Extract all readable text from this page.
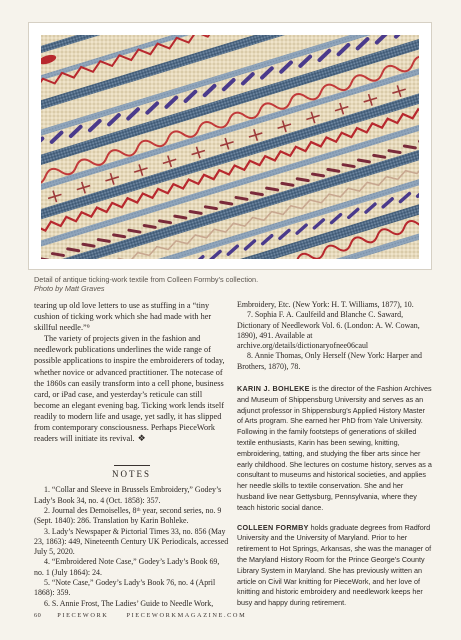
Detail of antique ticking-work textile from Colleen Formby’s collection.
Photo by Matt Graves

tearing up old love letters to use as stuffing in a “tiny cushion of ticking work which she had made with her skillful needle.”⁹

The variety of projects given in the fashion and needlework publications underlines the wide range of possible applications to inspire the embroiderers of today, whether novice or advanced practitioner. The notecase of the 1860s can easily transform into a cell phone, business card, or iPad case, and yesterday’s reticule can still become an elegant evening bag. Ticking work lends itself readily to modern life and usage, yet sadly, it has slipped from contemporary consciousness. Perhaps PieceWork readers will initiate its revival. ❖

NOTES

1. “Collar and Sleeve in Brussels Embroidery,” Godey’s Lady’s Book 34, no. 4 (Oct. 1858): 357.

2. Journal des Demoiselles, 8ᵗʰ year, second series, no. 9 (Sept. 1840): 286. Translation by Karin Bohleke.

3. Lady’s Newspaper & Pictorial Times 33, no. 856 (May 23, 1863): 449, Nineteenth Century UK Periodicals, accessed July 5, 2020.

4. “Embroidered Note Case,” Godey’s Lady’s Book 69, no. 1 (July 1864): 24.

5. “Note Case,” Godey’s Lady’s Book 76, no. 4 (April 1868): 359.

6. S. Annie Frost, The Ladies’ Guide to Needle Work,

Embroidery, Etc. (New York: H. T. Williams, 1877), 10.

7. Sophia F. A. Caulfeild and Blanche C. Saward, Dictionary of Needlework Vol. 6. (London: A. W. Cowan, 1890), 491. Available at archive.org/details/dictionaryofnee06caul

8. Annie Thomas, Only Herself (New York: Harper and Brothers, 1870), 78.

KARIN J. BOHLEKE is the director of the Fashion Archives and Museum of Shippensburg University and serves as an adjunct professor in Shippensburg’s Applied History Master of Arts program. She earned her PhD from Yale University. Following in the family footsteps of generations of skilled textile enthusiasts, Karin has been sewing, knitting, embroidering, tatting, and studying the fiber arts since her early childhood. She lectures on costume history, serves as a consultant to museums and historical societies, and applies her needle skills to textile conservation. She and her husband live near Gettysburg, Pennsylvania, where they teach historic social dance.

COLLEEN FORMBY holds graduate degrees from Radford University and the University of Maryland. Prior to her retirement to Hot Springs, Arkansas, she was the manager of the Maryland History Room for the Prince George’s County Library System in Maryland. She has previously written an article on Civil War knitting for PieceWork, and her love of knitting and historic embroidery and needlework keeps her busy and happy during retirement.

60	PIECEWORK	PIECEWORKMAGAZINE.COM
